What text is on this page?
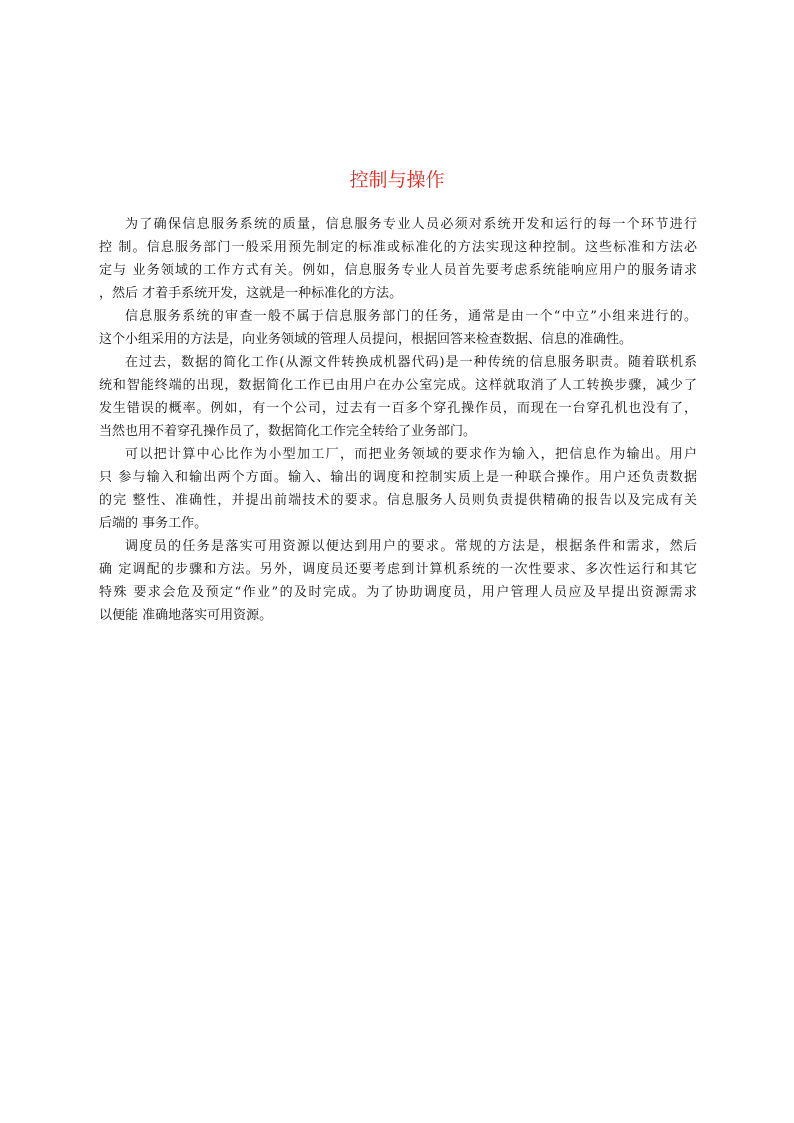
控制与操作
为了确保信息服务系统的质量，信息服务专业人员必须对系统开发和运行的每一个环节进行
控 制。信息服务部门一般采用预先制定的标准或标准化的方法实现这种控制。这些标准和方法必
定与 业务领域的工作方式有关。例如，信息服务专业人员首先要考虑系统能响应用户的服务请求
，然后 才着手系统开发，这就是一种标准化的方法。
信息服务系统的审查一般不属于信息服务部门的任务，通常是由一个“中立”小组来进行的。
这个小组采用的方法是，向业务领域的管理人员提问，根据回答来检查数据、信息的准确性。
在过去，数据的简化工作(从源文件转换成机器代码)是一种传统的信息服务职责。随着联机系
统和智能终端的出现，数据简化工作已由用户在办公室完成。这样就取消了人工转换步骤，减少了
发生错误的概率。例如，有一个公司，过去有一百多个穿孔操作员，而现在一台穿孔机也没有了，
当然也用不着穿孔操作员了，数据简化工作完全转给了业务部门。
可以把计算中心比作为小型加工厂，而把业务领域的要求作为输入，把信息作为输出。用户
只 参与输入和输出两个方面。输入、输出的调度和控制实质上是一种联合操作。用户还负责数据
的完 整性、准确性，并提出前端技术的要求。信息服务人员则负责提供精确的报告以及完成有关
后端的 事务工作。
调度员的任务是落实可用资源以便达到用户的要求。常规的方法是，根据条件和需求，然后
确 定调配的步骤和方法。另外，调度员还要考虑到计算机系统的一次性要求、多次性运行和其它
特殊 要求会危及预定“作业”的及时完成。为了协助调度员，用户管理人员应及早提出资源需求
以便能 准确地落实可用资源。
